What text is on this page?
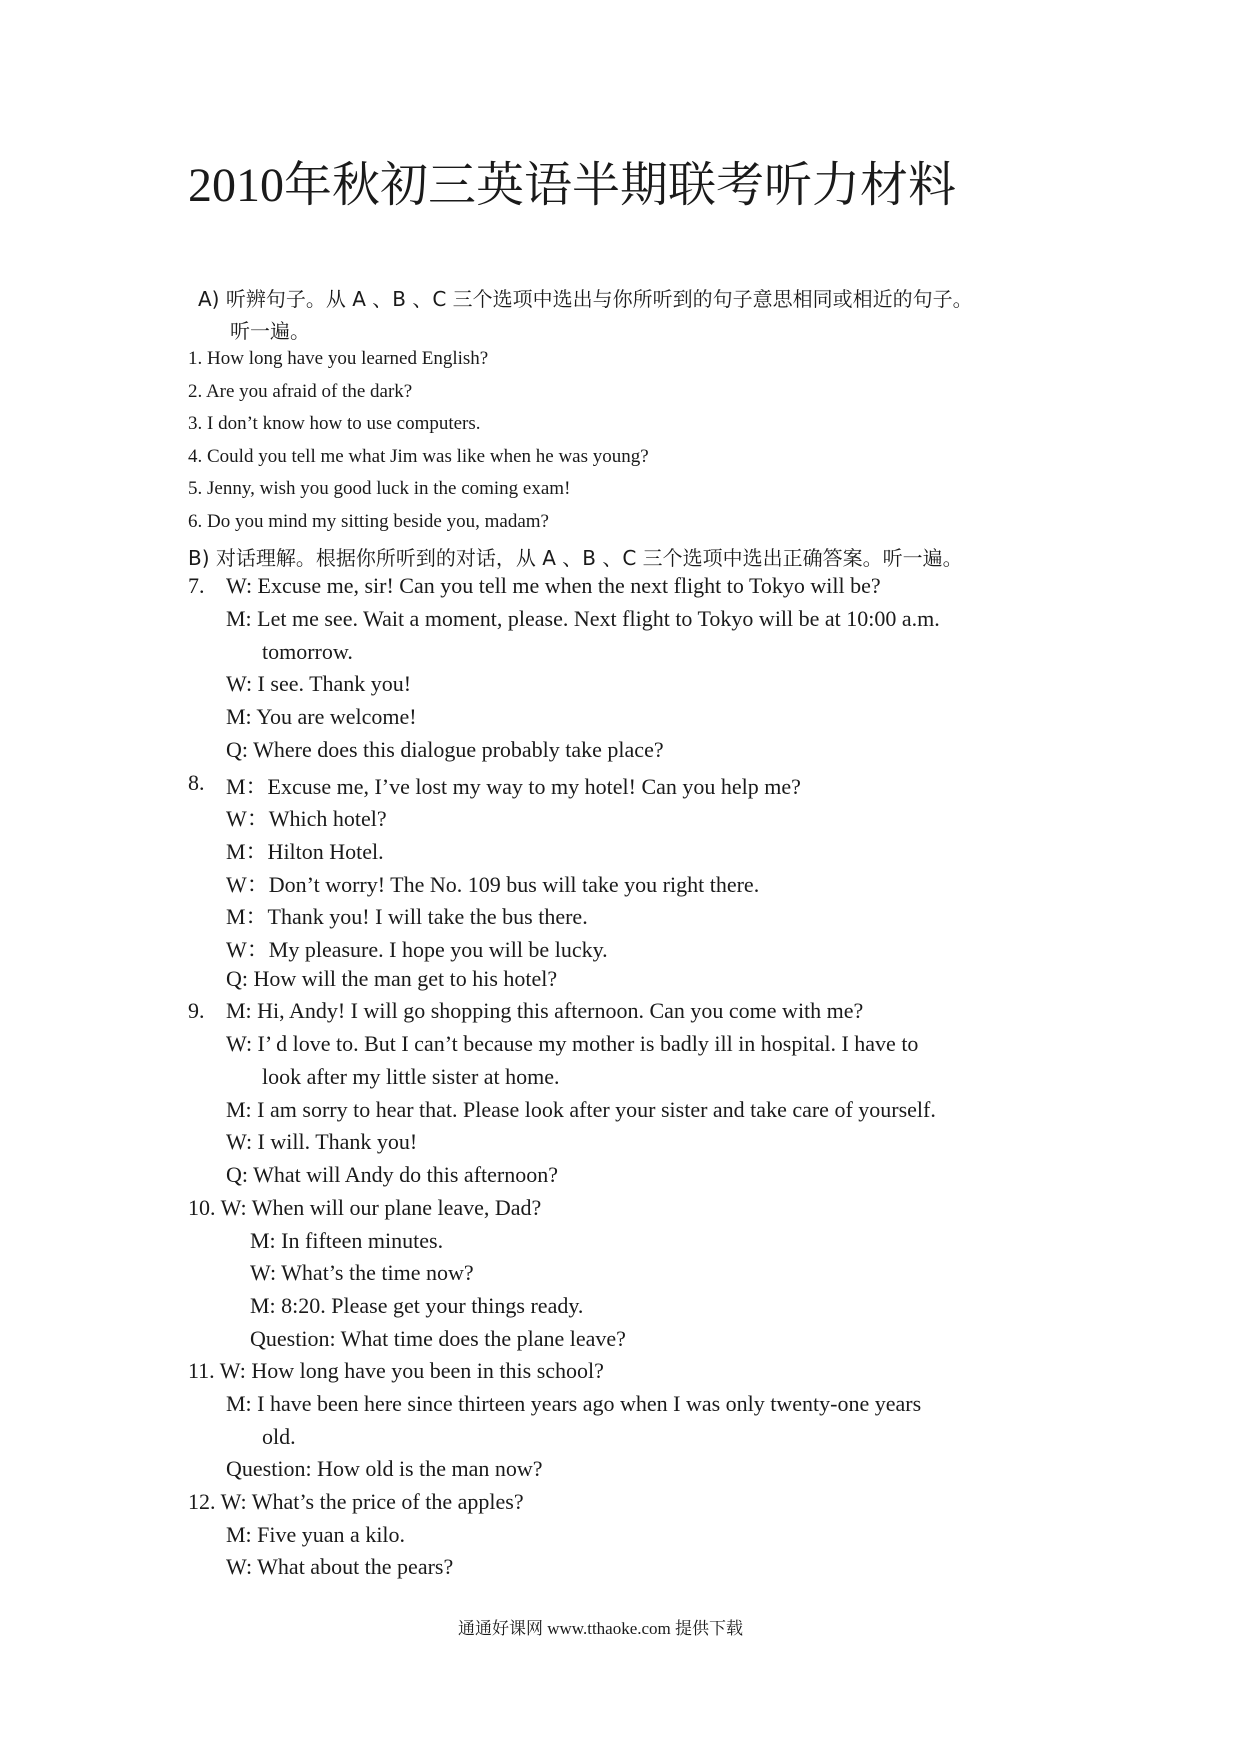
2010年秋初三英语半期联考听力材料
A) 听辨句子。从 A 、B 、C 三个选项中选出与你所听到的句子意思相同或相近的句子。
听一遍。
1. How long have you learned English?
2. Are you afraid of the dark?
3. I don’t know how to use computers.
4. Could you tell me what Jim was like when he was young?
5. Jenny, wish you good luck in the coming exam!
6. Do you mind my sitting beside you, madam?
B) 对话理解。根据你所听到的对话，从 A 、B 、C 三个选项中选出正确答案。听一遍。
7. W: Excuse me, sir! Can you tell me when the next flight to Tokyo will be?
M: Let me see. Wait a moment, please. Next flight to Tokyo will be at 10:00 a.m.
tomorrow.
W: I see. Thank you!
M: You are welcome!
Q: Where does this dialogue probably take place?
8. M：Excuse me, I’ve lost my way to my hotel! Can you help me?
W：Which hotel?
M：Hilton Hotel.
W：Don’t worry! The No. 109 bus will take you right there.
M：Thank you! I will take the bus there.
W：My pleasure. I hope you will be lucky.
Q: How will the man get to his hotel?
9. M: Hi, Andy! I will go shopping this afternoon. Can you come with me?
W: I’ d love to. But I can’t because my mother is badly ill in hospital. I have to
look after my little sister at home.
M: I am sorry to hear that. Please look after your sister and take care of yourself.
W: I will. Thank you!
Q: What will Andy do this afternoon?
10. W: When will our plane leave, Dad?
M: In fifteen minutes.
W: What’s the time now?
M: 8:20. Please get your things ready.
Question: What time does the plane leave?
11. W: How long have you been in this school?
M: I have been here since thirteen years ago when I was only twenty-one years
old.
Question: How old is the man now?
12. W: What’s the price of the apples?
M: Five yuan a kilo.
W: What about the pears?
通通好课网 www.tthaoke.com 提供下载
